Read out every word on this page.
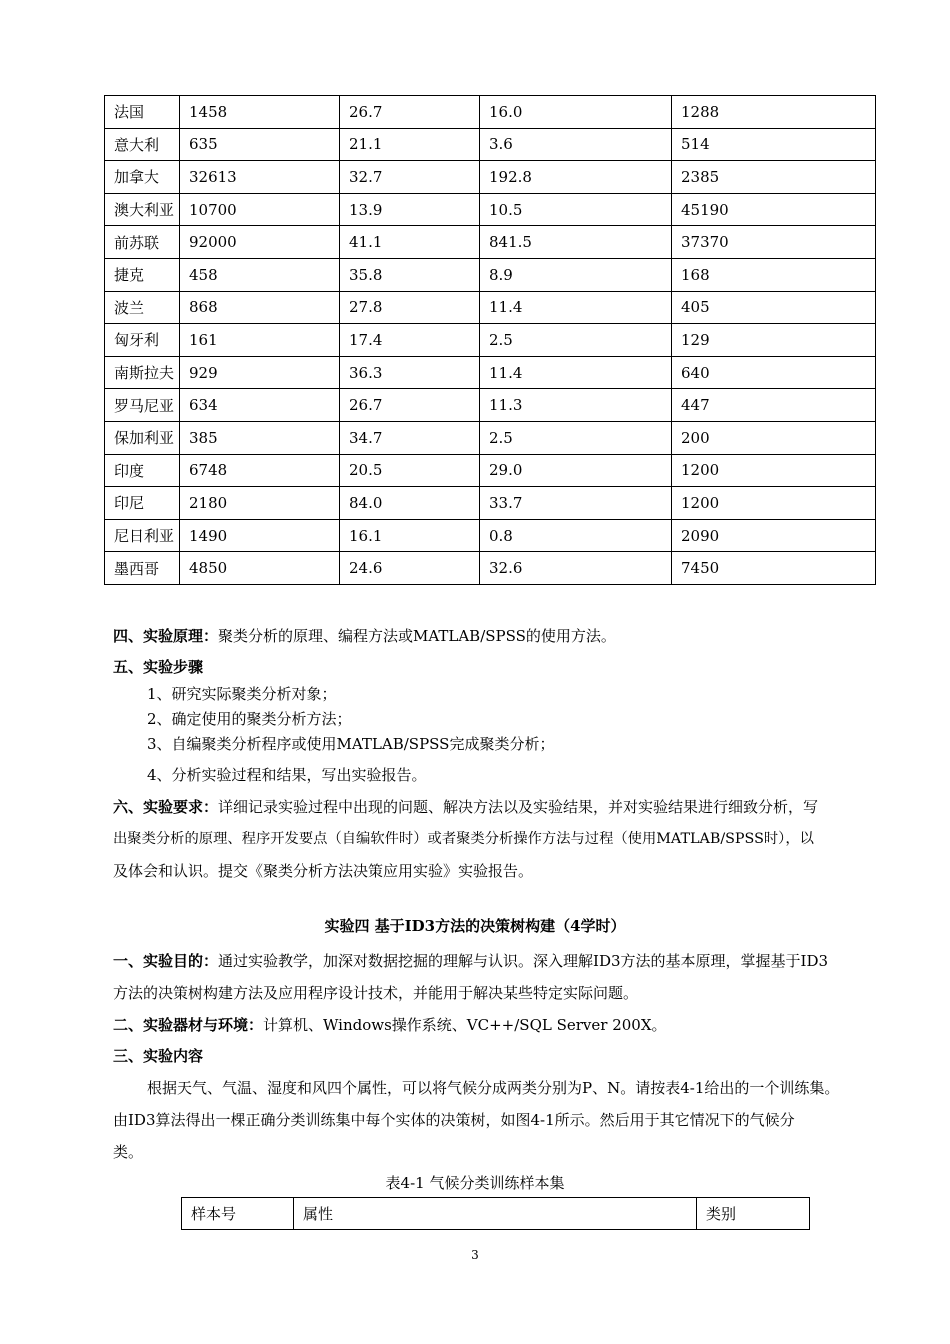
法国	1458	26.7	16.0	1288
意大利	635	21.1	3.6	514
加拿大	32613	32.7	192.8	2385
澳大利亚	10700	13.9	10.5	45190
前苏联	92000	41.1	841.5	37370
捷克	458	35.8	8.9	168
波兰	868	27.8	11.4	405
匈牙利	161	17.4	2.5	129
南斯拉夫	929	36.3	11.4	640
罗马尼亚	634	26.7	11.3	447
保加利亚	385	34.7	2.5	200
印度	6748	20.5	29.0	1200
印尼	2180	84.0	33.7	1200
尼日利亚	1490	16.1	0.8	2090
墨西哥	4850	24.6	32.6	7450
四、实验原理：聚类分析的原理、编程方法或MATLAB/SPSS的使用方法。
五、实验步骤
1、研究实际聚类分析对象；
2、确定使用的聚类分析方法；
3、自编聚类分析程序或使用MATLAB/SPSS完成聚类分析；
4、分析实验过程和结果，写出实验报告。
六、实验要求：详细记录实验过程中出现的问题、解决方法以及实验结果，并对实验结果进行细致分析，写
出聚类分析的原理、程序开发要点（自编软件时）或者聚类分析操作方法与过程（使用MATLAB/SPSS时），以
及体会和认识。提交《聚类分析方法决策应用实验》实验报告。
实验四 基于ID3方法的决策树构建（4学时）
一、实验目的：通过实验教学，加深对数据挖掘的理解与认识。深入理解ID3方法的基本原理，掌握基于ID3
方法的决策树构建方法及应用程序设计技术，并能用于解决某些特定实际问题。
二、实验器材与环境：计算机、Windows操作系统、VC++/SQL Server 200X。
三、实验内容
根据天气、气温、湿度和风四个属性，可以将气候分成两类分别为P、N。请按表4-1给出的一个训练集。
由ID3算法得出一棵正确分类训练集中每个实体的决策树，如图4-1所示。然后用于其它情况下的气候分
类。
表4-1 气候分类训练样本集
样本号	属性	类别
3
